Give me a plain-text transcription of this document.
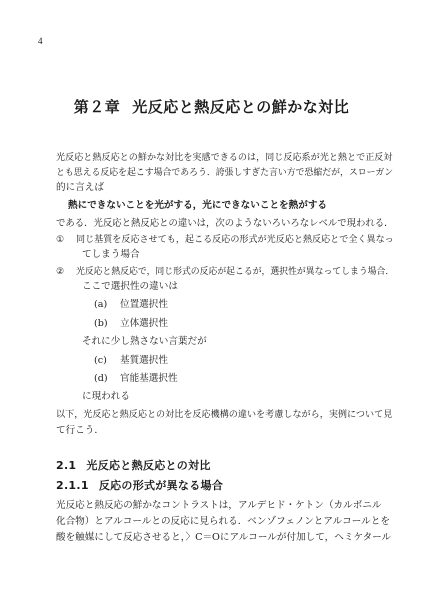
4
第２章 光反応と熱反応との鮮かな対比
光反応と熱反応との鮮かな対比を実感できるのは，同じ反応系が光と熱とで正反対
とも思える反応を起こす場合であろう．誇張しすぎた言い方で恐縮だが，スローガン
的に言えば
熱にできないことを光がする，光にできないことを熱がする
である．光反応と熱反応との違いは，次のようないろいろなレベルで現われる．
① 同じ基質を反応させても，起こる反応の形式が光反応と熱反応とで全く異なっ
てしまう場合
② 光反応と熱反応で，同じ形式の反応が起こるが，選択性が異なってしまう場合．
ここで選択性の違いは
(a) 位置選択性
(b) 立体選択性
それに少し熟さない言葉だが
(c) 基質選択性
(d) 官能基選択性
に現われる
以下，光反応と熱反応との対比を反応機構の違いを考慮しながら，実例について見
て行こう．
2.1 光反応と熱反応との対比
2.1.1 反応の形式が異なる場合
光反応と熱反応の鮮かなコントラストは，アルデヒド・ケトン（カルボニル
化合物）とアルコールとの反応に見られる．ベンゾフェノンとアルコールとを
酸を触媒にして反応させると，〉C＝Oにアルコールが付加して，ヘミケタール
